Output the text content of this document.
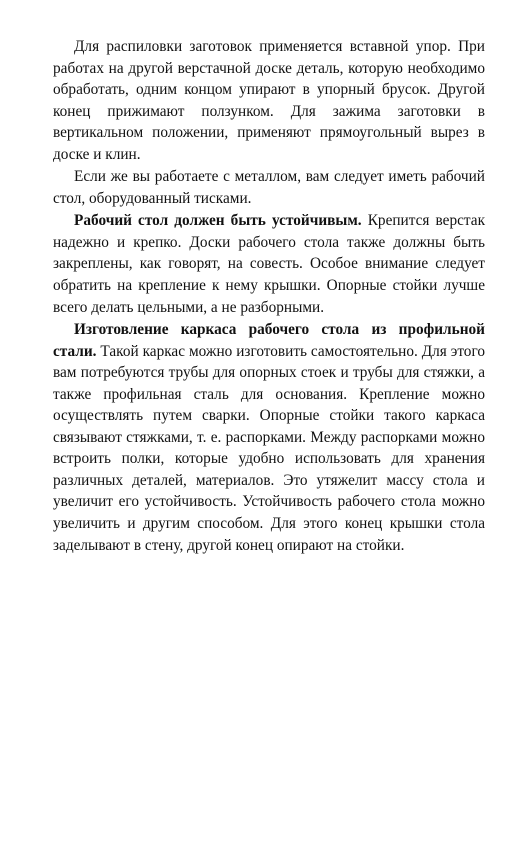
Для распиловки заготовок применяется вставной упор. При работах на другой верстачной доске деталь, которую необходимо обработать, одним концом упирают в упорный брусок. Другой конец прижимают ползунком. Для зажима заготовки в вертикальном положении, применяют прямоугольный вырез в доске и клин.

Если же вы работаете с металлом, вам следует иметь рабочий стол, оборудованный тисками.

Рабочий стол должен быть устойчивым. Крепится верстак надежно и крепко. Доски рабочего стола также должны быть закреплены, как говорят, на совесть. Особое внимание следует обратить на крепление к нему крышки. Опорные стойки лучше всего делать цельными, а не разборными.

Изготовление каркаса рабочего стола из профильной стали. Такой каркас можно изготовить самостоятельно. Для этого вам потребуются трубы для опорных стоек и трубы для стяжки, а также профильная сталь для основания. Крепление можно осуществлять путем сварки. Опорные стойки такого каркаса связывают стяжками, т. е. распорками. Между распорками можно встроить полки, которые удобно использовать для хранения различных деталей, материалов. Это утяжелит массу стола и увеличит его устойчивость. Устойчивость рабочего стола можно увеличить и другим способом. Для этого конец крышки стола заделывают в стену, другой конец опирают на стойки.
